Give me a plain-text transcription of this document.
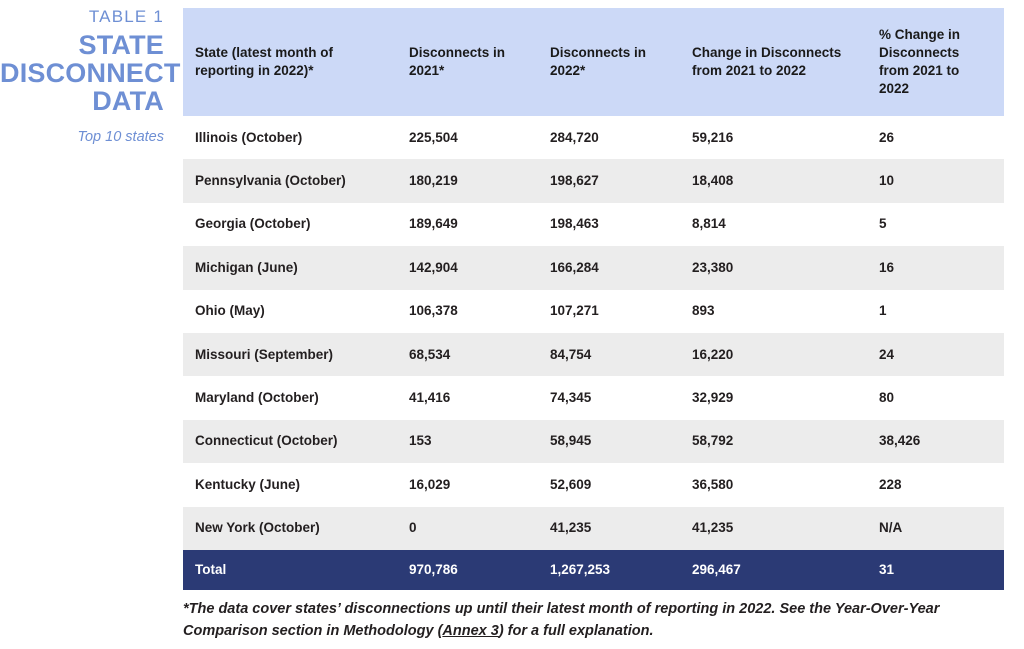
TABLE 1
STATE DISCONNECT DATA
Top 10 states
State (latest month of reporting in 2022)*	Disconnects in 2021*	Disconnects in 2022*	Change in Disconnects from 2021 to 2022	% Change in Disconnects from 2021 to 2022
Illinois (October)	225,504	284,720	59,216	26
Pennsylvania (October)	180,219	198,627	18,408	10
Georgia (October)	189,649	198,463	8,814	5
Michigan (June)	142,904	166,284	23,380	16
Ohio (May)	106,378	107,271	893	1
Missouri (September)	68,534	84,754	16,220	24
Maryland (October)	41,416	74,345	32,929	80
Connecticut (October)	153	58,945	58,792	38,426
Kentucky (June)	16,029	52,609	36,580	228
New York (October)	0	41,235	41,235	N/A
Total	970,786	1,267,253	296,467	31
*The data cover states’ disconnections up until their latest month of reporting in 2022. See the Year-Over-Year Comparison section in Methodology (Annex 3) for a full explanation.
